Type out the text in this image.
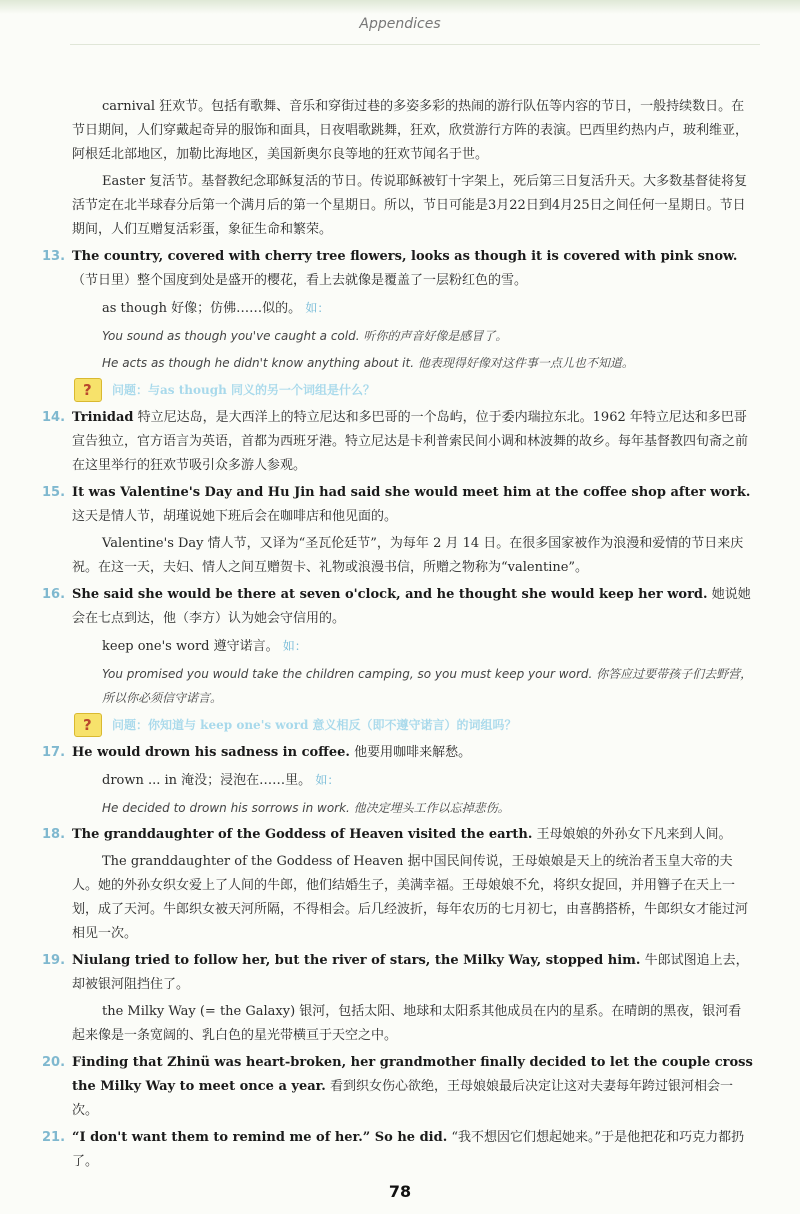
Appendices

carnival 狂欢节。包括有歌舞、音乐和穿街过巷的多姿多彩的热闹的游行队伍等内容的节日，一般持续数日。在节日期间，人们穿戴起奇异的服饰和面具，日夜唱歌跳舞，狂欢，欣赏游行方阵的表演。巴西里约热内卢，玻利维亚，阿根廷北部地区，加勒比海地区，美国新奥尔良等地的狂欢节闻名于世。

Easter 复活节。基督教纪念耶稣复活的节日。传说耶稣被钉十字架上，死后第三日复活升天。大多数基督徒将复活节定在北半球春分后第一个满月后的第一个星期日。所以，节日可能是3月22日到4月25日之间任何一星期日。节日期间，人们互赠复活彩蛋，象征生命和繁荣。

13. The country, covered with cherry tree flowers, looks as though it is covered with pink snow. （节日里）整个国度到处是盛开的樱花，看上去就像是覆盖了一层粉红色的雪。

as though 好像；仿佛……似的。 如：

You sound as though you've caught a cold. 听你的声音好像是感冒了。

He acts as though he didn't know anything about it. 他表现得好像对这件事一点儿也不知道。

?
问题：与as though 同义的另一个词组是什么？
14. Trinidad 特立尼达岛，是大西洋上的特立尼达和多巴哥的一个岛屿，位于委内瑞拉东北。1962 年特立尼达和多巴哥宣告独立，官方语言为英语，首都为西班牙港。特立尼达是卡利普索民间小调和林波舞的故乡。每年基督教四旬斋之前在这里举行的狂欢节吸引众多游人参观。
15. It was Valentine's Day and Hu Jin had said she would meet him at the coffee shop after work. 这天是情人节，胡瑾说她下班后会在咖啡店和他见面的。

Valentine's Day 情人节，又译为“圣瓦伦廷节”，为每年 2 月 14 日。在很多国家被作为浪漫和爱情的节日来庆祝。在这一天，夫妇、情人之间互赠贺卡、礼物或浪漫书信，所赠之物称为“valentine”。

16. She said she would be there at seven o'clock, and he thought she would keep her word. 她说她会在七点到达，他（李方）认为她会守信用的。

keep one's word 遵守诺言。 如：

You promised you would take the children camping, so you must keep your word. 你答应过要带孩子们去野营，所以你必须信守诺言。

?
问题：你知道与 keep one's word 意义相反（即不遵守诺言）的词组吗？
17. He would drown his sadness in coffee. 他要用咖啡来解愁。

drown ... in 淹没；浸泡在……里。 如：

He decided to drown his sorrows in work. 他决定埋头工作以忘掉悲伤。

18. The granddaughter of the Goddess of Heaven visited the earth. 王母娘娘的外孙女下凡来到人间。

The granddaughter of the Goddess of Heaven 据中国民间传说，王母娘娘是天上的统治者玉皇大帝的夫人。她的外孙女织女爱上了人间的牛郎，他们结婚生子，美满幸福。王母娘娘不允，将织女捉回，并用簪子在天上一划，成了天河。牛郎织女被天河所隔，不得相会。后几经波折，每年农历的七月初七，由喜鹊搭桥，牛郎织女才能过河相见一次。

19. Niulang tried to follow her, but the river of stars, the Milky Way, stopped him. 牛郎试图追上去，却被银河阻挡住了。

the Milky Way (= the Galaxy) 银河，包括太阳、地球和太阳系其他成员在内的星系。在晴朗的黑夜，银河看起来像是一条宽阔的、乳白色的星光带横亘于天空之中。

20. Finding that Zhinü was heart-broken, her grandmother finally decided to let the couple cross the Milky Way to meet once a year. 看到织女伤心欲绝，王母娘娘最后决定让这对夫妻每年跨过银河相会一次。
21. “I don't want them to remind me of her.” So he did. “我不想因它们想起她来。”于是他把花和巧克力都扔了。
78
